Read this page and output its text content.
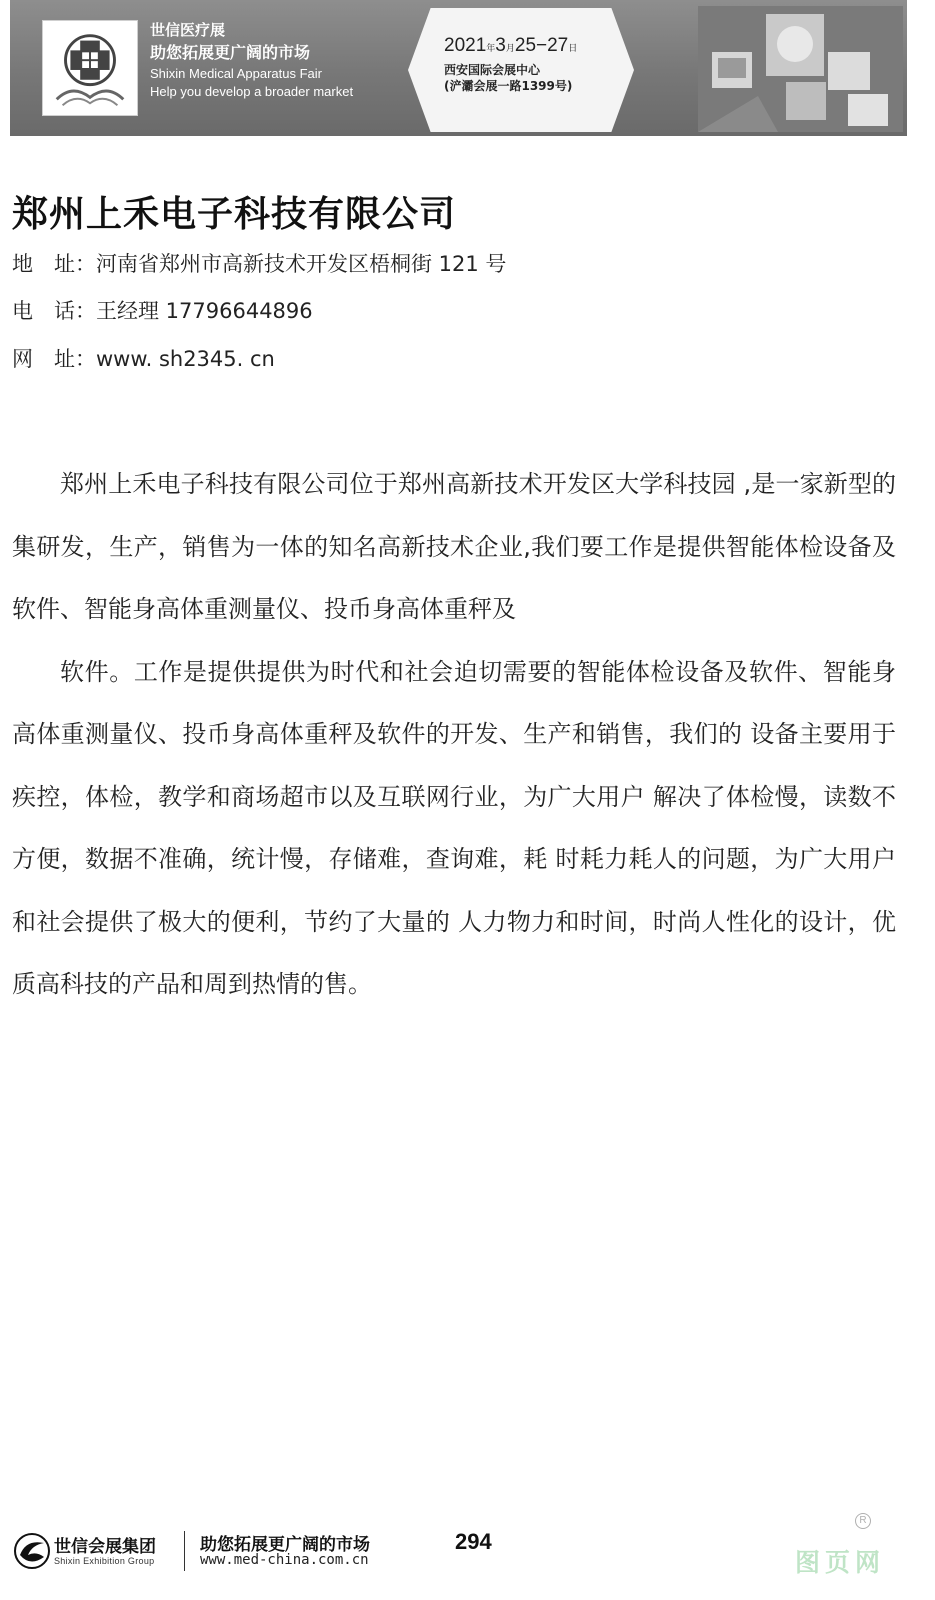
世信医疗展
助您拓展更广阔的市场
Shixin Medical Apparatus Fair
Help you develop a broader market
2021年3月25−27日
西安国际会展中心
(浐灞会展一路1399号)
郑州上禾电子科技有限公司
地　址：河南省郑州市高新技术开发区梧桐街 121 号
电　话：王经理 17796644896
网　址：www. sh2345. cn

郑州上禾电子科技有限公司位于郑州高新技术开发区大学科技园 ,是一家新型的集研发，生产，销售为一体的知名高新技术企业,我们要工作是提供智能体检设备及软件、智能身高体重测量仪、投币身高体重秤及

软件。工作是提供提供为时代和社会迫切需要的智能体检设备及软件、智能身高体重测量仪、投币身高体重秤及软件的开发、生产和销售，我们的 设备主要用于疾控，体检，教学和商场超市以及互联网行业，为广大用户 解决了体检慢，读数不方便，数据不准确，统计慢，存储难，查询难，耗 时耗力耗人的问题，为广大用户和社会提供了极大的便利，节约了大量的 人力物力和时间，时尚人性化的设计，优质高科技的产品和周到热情的售。

世信会展集团
Shixin Exhibition Group
助您拓展更广阔的市场
www.med-china.com.cn
294
图页网
R
